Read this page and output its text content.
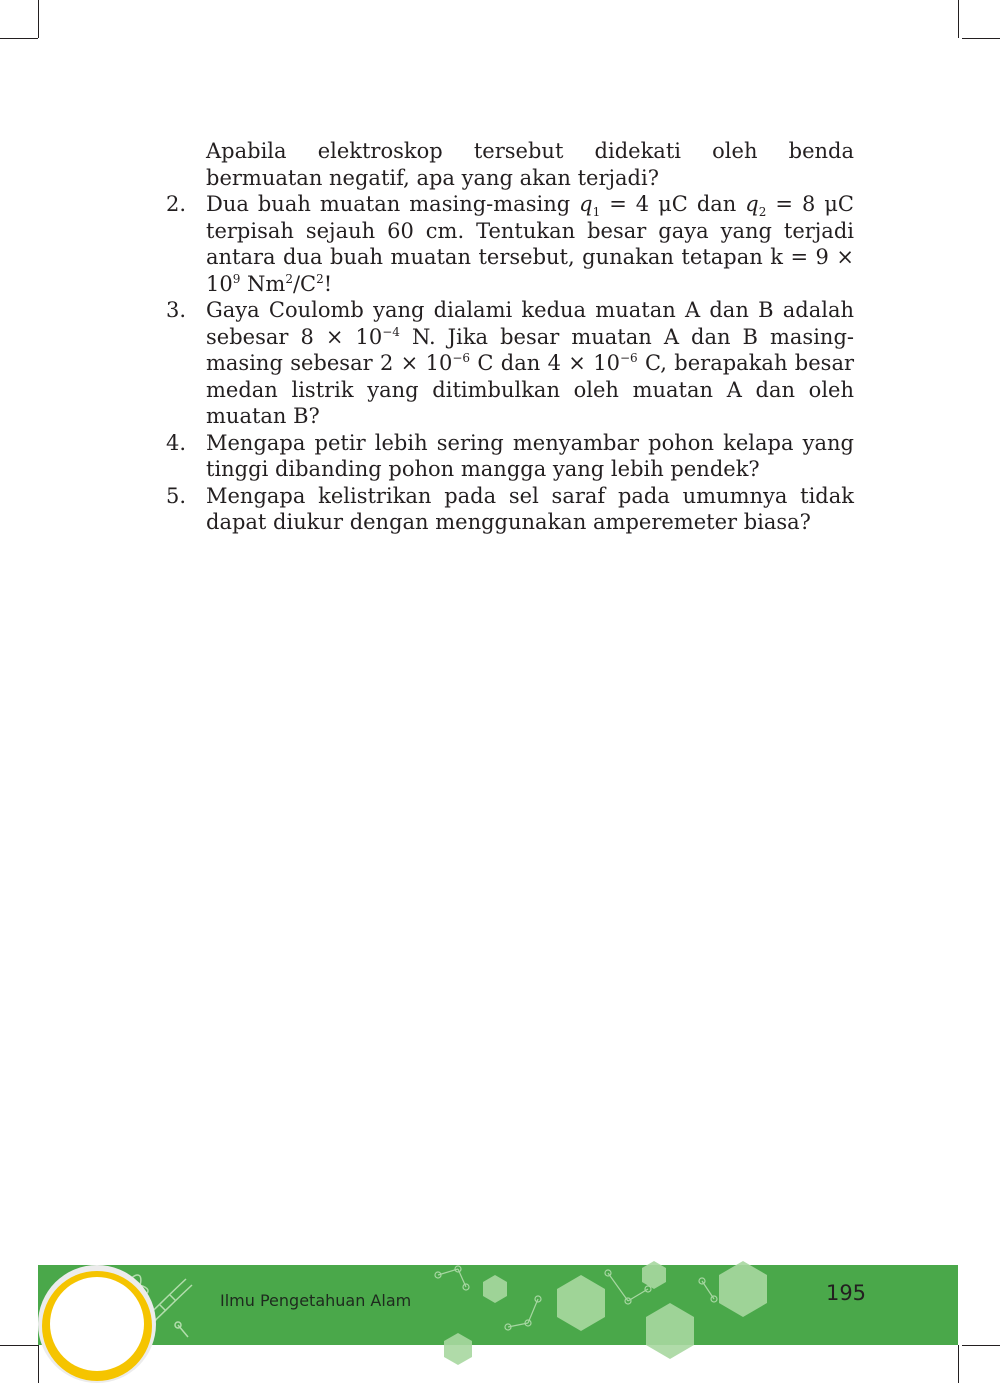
Apabila elektroskop tersebut didekati oleh benda bermuatan negatif, apa yang akan terjadi?
2. Dua buah muatan masing-masing $q_1 = 4$ μC dan $q_2 = 8$ μC terpisah sejauh 60 cm. Tentukan besar gaya yang terjadi antara dua buah muatan tersebut, gunakan tetapan $k = 9 \times 10^9$ $Nm^2/C^2$!
3. Gaya Coulomb yang dialami kedua muatan A dan B adalah sebesar $8 \times 10^{-4}$ N. Jika besar muatan A dan B masing-masing sebesar $2 \times 10^{-6}$ C dan $4 \times 10^{-6}$ C, berapakah besar medan listrik yang ditimbulkan oleh muatan A dan oleh muatan B?
4. Mengapa petir lebih sering menyambar pohon kelapa yang tinggi dibanding pohon mangga yang lebih pendek?
5. Mengapa kelistrikan pada sel saraf pada umumnya tidak dapat diukur dengan menggunakan amperemeter biasa?
Ilmu Pengetahuan Alam	195
